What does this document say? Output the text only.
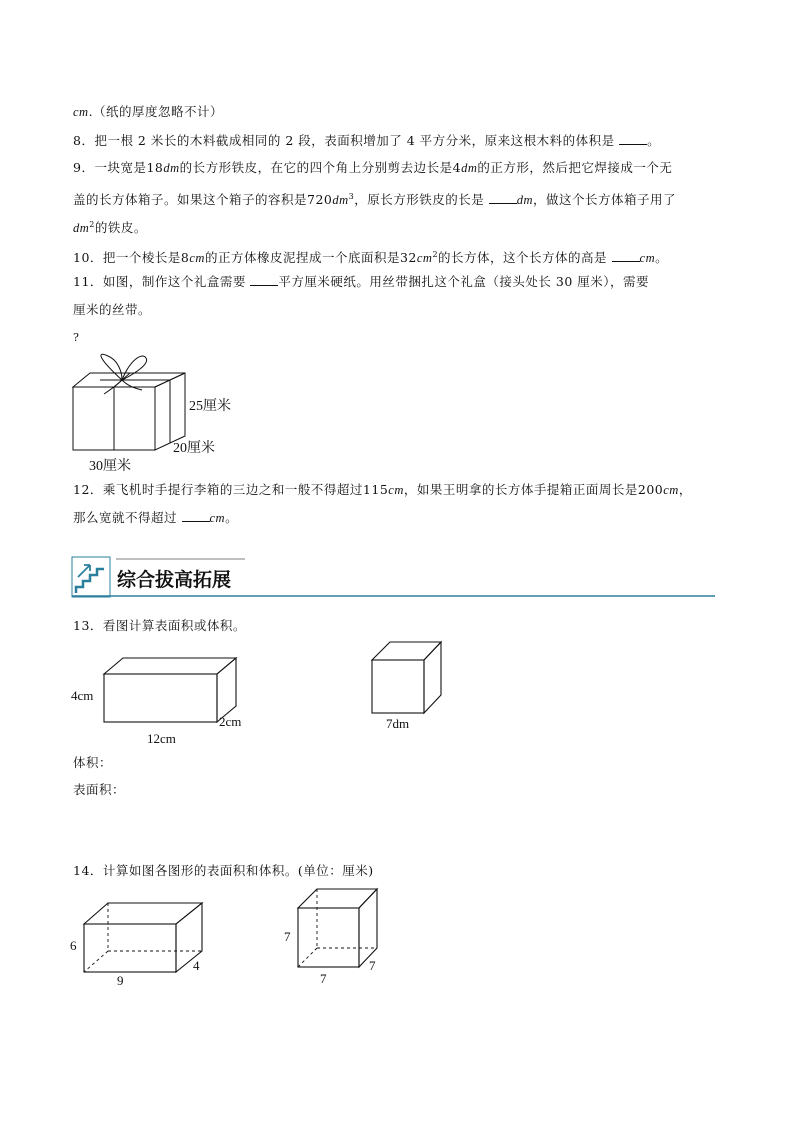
cm.（纸的厚度忽略不计）
8．把一根 2 米长的木料截成相同的 2 段，表面积增加了 4 平方分米，原来这根木料的体积是	。
9．一块宽是18dm的长方形铁皮，在它的四个角上分别剪去边长是4dm的正方形，然后把它焊接成一个无
盖的长方体箱子。如果这个箱子的容积是$720dm^3$，原长方形铁皮的长是	dm，做这个长方体箱子用了
$dm^2$的铁皮。
10．把一个棱长是8cm的正方体橡皮泥捏成一个底面积是$32cm^2$的长方体，这个长方体的高是	cm。
11．如图，制作这个礼盒需要	平方厘米硬纸。用丝带捆扎这个礼盒（接头处长 30 厘米），需要
厘米的丝带。
?
25厘米
20厘米
30厘米
12．乘飞机时手提行李箱的三边之和一般不得超过115cm，如果王明拿的长方体手提箱正面周长是200cm，
那么宽就不得超过	cm。
综合拔高拓展
13．看图计算表面积或体积。
4cm
2cm
12cm
7dm
体积：
表面积：
14．计算如图各图形的表面积和体积。(单位：厘米)
6
9
4
7
7
7
